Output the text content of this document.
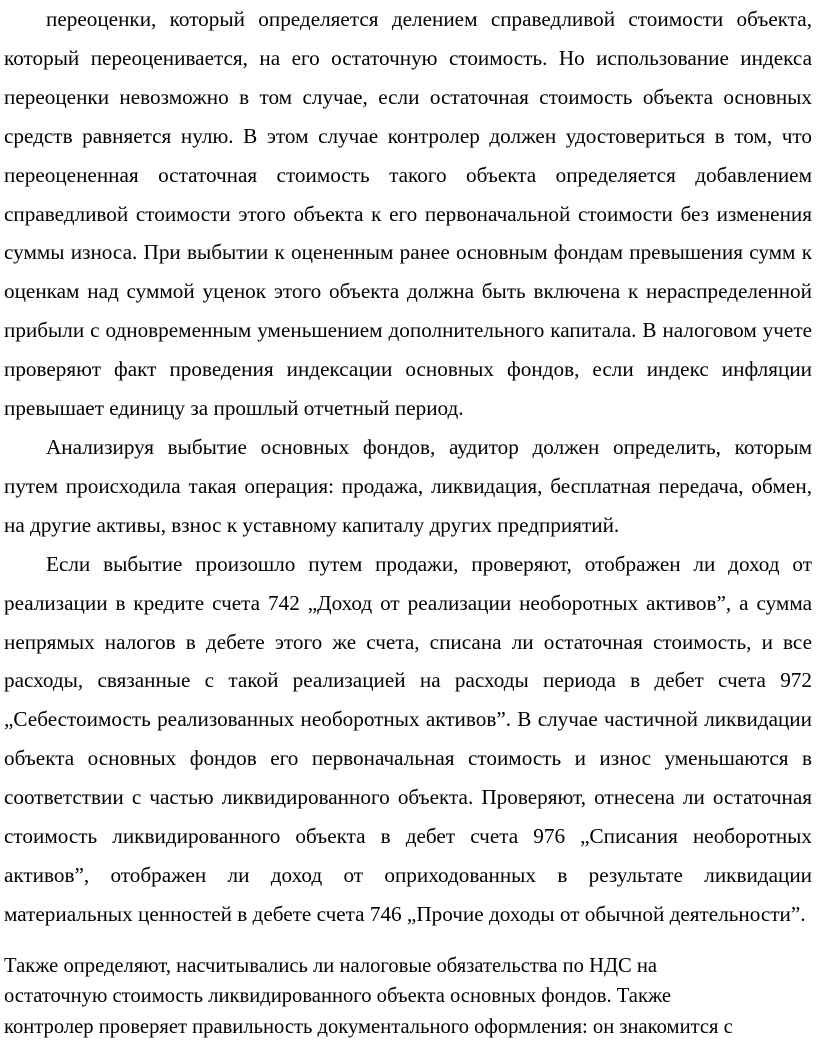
переоценки, который определяется делением справедливой стоимости объекта, который переоценивается, на его остаточную стоимость. Но использование индекса переоценки невозможно в том случае, если остаточная стоимость объекта основных средств равняется нулю. В этом случае контролер должен удостовериться в том, что переоцененная остаточная стоимость такого объекта определяется добавлением справедливой стоимости этого объекта к его первоначальной стоимости без изменения суммы износа. При выбытии к оцененным ранее основным фондам превышения сумм к оценкам над суммой уценок этого объекта должна быть включена к нераспределенной прибыли с одновременным уменьшением дополнительного капитала. В налоговом учете проверяют факт проведения индексации основных фондов, если индекс инфляции превышает единицу за прошлый отчетный период.

Анализируя выбытие основных фондов, аудитор должен определить, которым путем происходила такая операция: продажа, ликвидация, бесплатная передача, обмен, на другие активы, взнос к уставному капиталу других предприятий.

Если выбытие произошло путем продажи, проверяют, отображен ли доход от реализации в кредите счета 742 „Доход от реализации необоротных активов”, а сумма непрямых налогов в дебете этого же счета, списана ли остаточная стоимость, и все расходы, связанные с такой реализацией на расходы периода в дебет счета 972 „Себестоимость реализованных необоротных активов”. В случае частичной ликвидации объекта основных фондов его первоначальная стоимость и износ уменьшаются в соответствии с частью ликвидированного объекта. Проверяют, отнесена ли остаточная стоимость ликвидированного объекта в дебет счета 976 „Списания необоротных активов”, отображен ли доход от оприходованных в результате ликвидации материальных ценностей в дебете счета 746 „Прочие доходы от обычной деятельности”.

Также определяют, насчитывались ли налоговые обязательства по НДС на

остаточную стоимость ликвидированного объекта основных фондов. Также

контролер проверяет правильность документального оформления: он знакомится с
